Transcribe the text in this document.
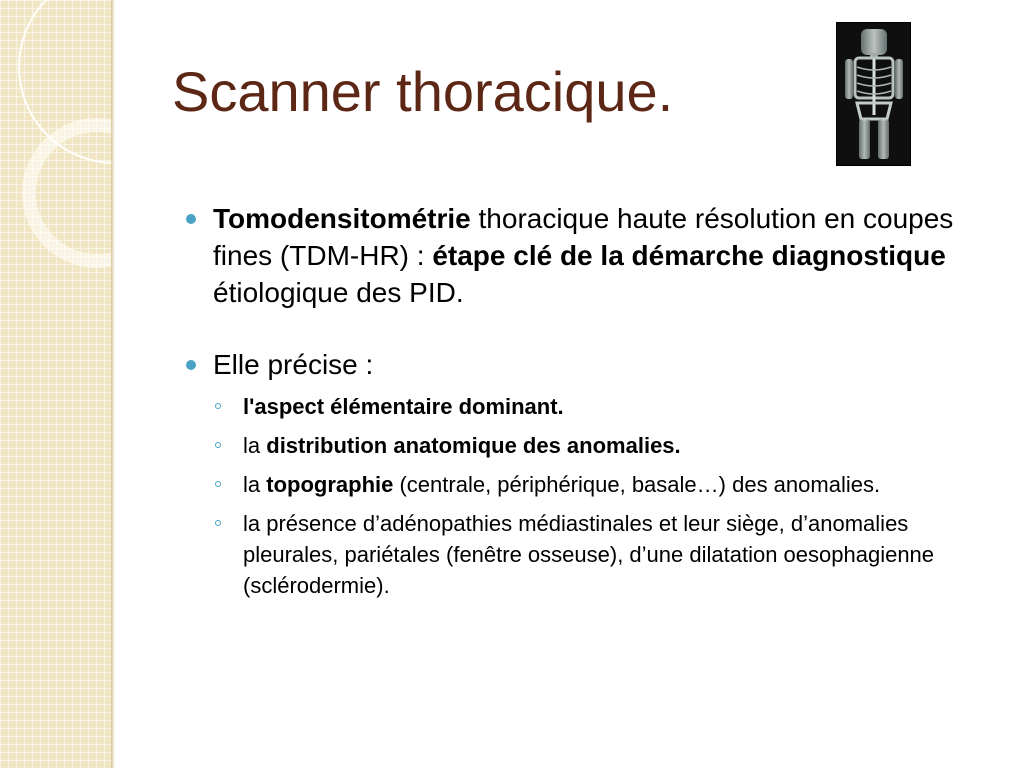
Scanner thoracique.
Tomodensitométrie thoracique haute résolution en coupes fines (TDM-HR) : étape clé de la démarche diagnostique étiologique des PID.
Elle précise :
l'aspect élémentaire dominant.
la distribution anatomique des anomalies.
la topographie (centrale, périphérique, basale…) des anomalies.
la présence d’adénopathies médiastinales et leur siège, d’anomalies pleurales, pariétales (fenêtre osseuse), d’une dilatation oesophagienne (sclérodermie).
